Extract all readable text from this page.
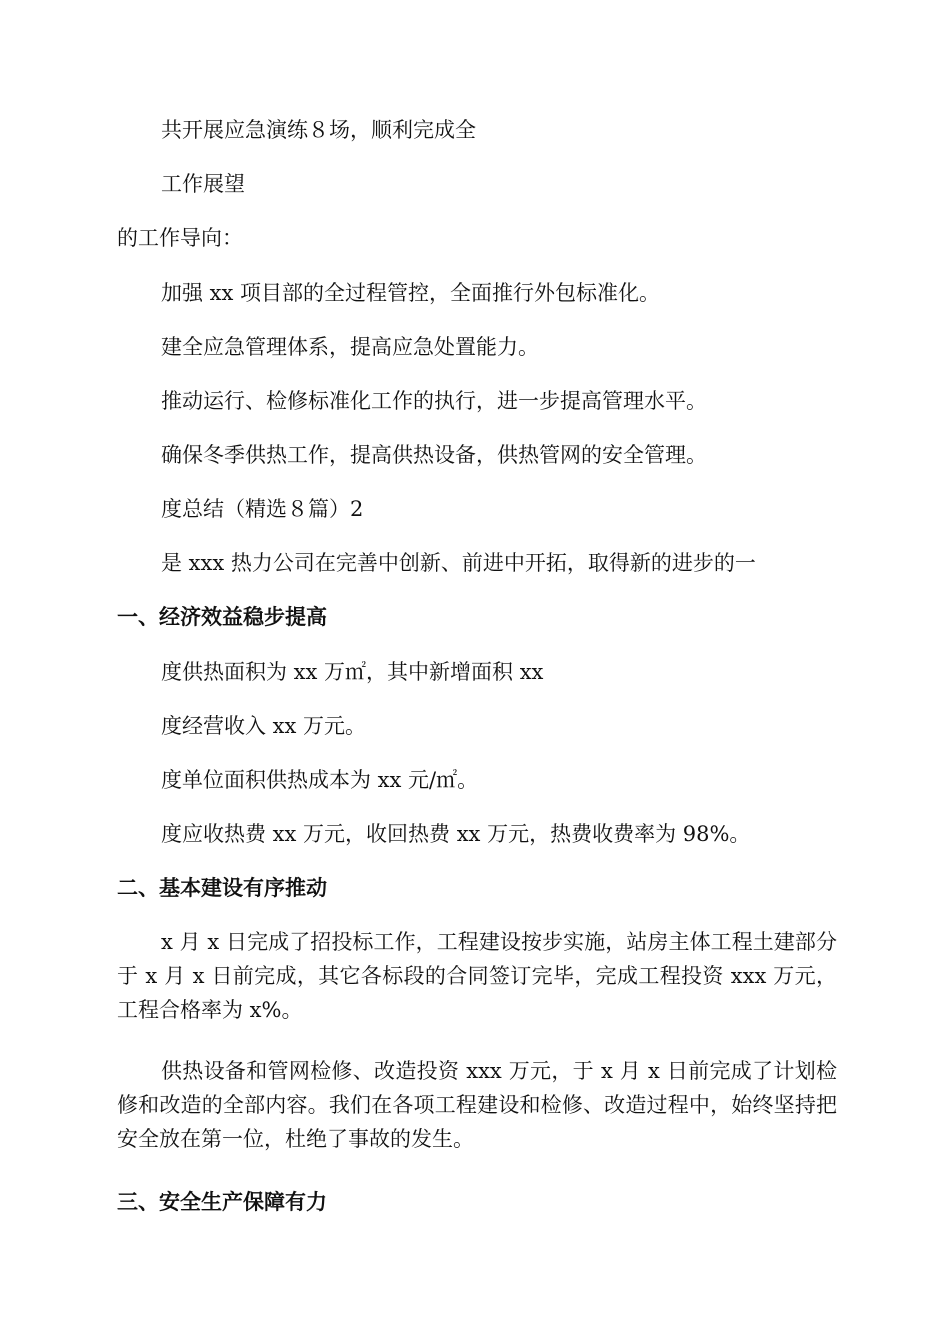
共开展应急演练８场，顺利完成全
工作展望
的工作导向：
加强 xx 项目部的全过程管控，全面推行外包标准化。
建全应急管理体系，提高应急处置能力。
推动运行、检修标准化工作的执行，进一步提高管理水平。
确保冬季供热工作，提高供热设备，供热管网的安全管理。
度总结（精选８篇）2
是 xxx 热力公司在完善中创新、前进中开拓，取得新的进步的一
一、经济效益稳步提高
度供热面积为 xx 万㎡，其中新增面积 xx
度经营收入 xx 万元。
度单位面积供热成本为 xx 元/㎡。
度应收热费 xx 万元，收回热费 xx 万元，热费收费率为 98%。
二、基本建设有序推动
x 月 x 日完成了招投标工作，工程建设按步实施，站房主体工程土建部分于 x 月 x 日前完成，其它各标段的合同签订完毕，完成工程投资 xxx 万元，工程合格率为 x%。
供热设备和管网检修、改造投资 xxx 万元，于 x 月 x 日前完成了计划检修和改造的全部内容。我们在各项工程建设和检修、改造过程中，始终坚持把安全放在第一位，杜绝了事故的发生。
三、安全生产保障有力
